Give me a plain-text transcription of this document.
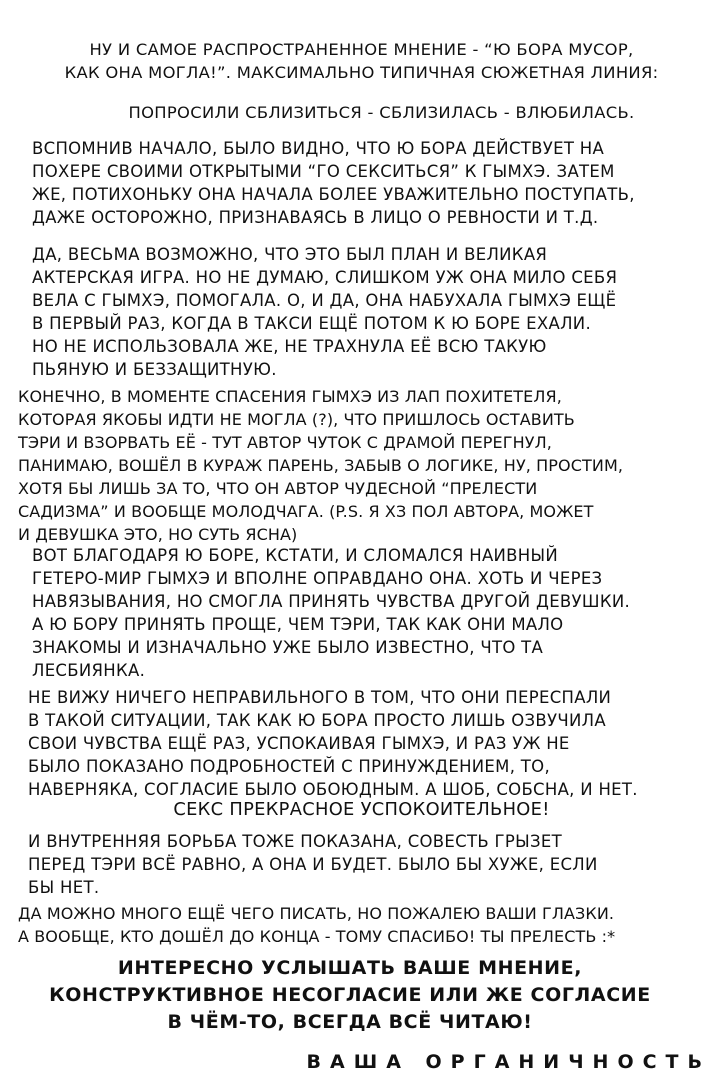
НУ И САМОЕ РАСПРОСТРАНЕННОЕ МНЕНИЕ - “Ю БОРА МУСОР,
КАК ОНА МОГЛА!”. МАКСИМАЛЬНО ТИПИЧНАЯ СЮЖЕТНАЯ ЛИНИЯ:
ПОПРОСИЛИ СБЛИЗИТЬСЯ - СБЛИЗИЛАСЬ - ВЛЮБИЛАСЬ.
ВСПОМНИВ НАЧАЛО, БЫЛО ВИДНО, ЧТО Ю БОРА ДЕЙСТВУЕТ НА
ПОХЕРЕ СВОИМИ ОТКРЫТЫМИ “ГО СЕКСИТЬСЯ” К ГЫМХЭ. ЗАТЕМ
ЖЕ, ПОТИХОНЬКУ ОНА НАЧАЛА БОЛЕЕ УВАЖИТЕЛЬНО ПОСТУПАТЬ,
ДАЖЕ ОСТОРОЖНО, ПРИЗНАВАЯСЬ В ЛИЦО О РЕВНОСТИ И Т.Д.
ДА, ВЕСЬМА ВОЗМОЖНО, ЧТО ЭТО БЫЛ ПЛАН И ВЕЛИКАЯ
АКТЕРСКАЯ ИГРА. НО НЕ ДУМАЮ, СЛИШКОМ УЖ ОНА МИЛО СЕБЯ
ВЕЛА С ГЫМХЭ, ПОМОГАЛА. О, И ДА, ОНА НАБУХАЛА ГЫМХЭ ЕЩЁ
В ПЕРВЫЙ РАЗ, КОГДА В ТАКСИ ЕЩЁ ПОТОМ К Ю БОРЕ ЕХАЛИ.
НО НЕ ИСПОЛЬЗОВАЛА ЖЕ, НЕ ТРАХНУЛА ЕЁ ВСЮ ТАКУЮ
ПЬЯНУЮ И БЕЗЗАЩИТНУЮ.
КОНЕЧНО, В МОМЕНТЕ СПАСЕНИЯ ГЫМХЭ ИЗ ЛАП ПОХИТЕТЕЛЯ,
КОТОРАЯ ЯКОБЫ ИДТИ НЕ МОГЛА (?), ЧТО ПРИШЛОСЬ ОСТАВИТЬ
ТЭРИ И ВЗОРВАТЬ ЕЁ - ТУТ АВТОР ЧУТОК С ДРАМОЙ ПЕРЕГНУЛ,
ПАНИМАЮ, ВОШЁЛ В КУРАЖ ПАРЕНЬ, ЗАБЫВ О ЛОГИКЕ, НУ, ПРОСТИМ,
ХОТЯ БЫ ЛИШЬ ЗА ТО, ЧТО ОН АВТОР ЧУДЕСНОЙ “ПРЕЛЕСТИ
САДИЗМА” И ВООБЩЕ МОЛОДЧАГА. (P.S. Я ХЗ ПОЛ АВТОРА, МОЖЕТ
И ДЕВУШКА ЭТО, НО СУТЬ ЯСНА)
ВОТ БЛАГОДАРЯ Ю БОРЕ, КСТАТИ, И СЛОМАЛСЯ НАИВНЫЙ
ГЕТЕРО-МИР ГЫМХЭ И ВПОЛНЕ ОПРАВДАНО ОНА. ХОТЬ И ЧЕРЕЗ
НАВЯЗЫВАНИЯ, НО СМОГЛА ПРИНЯТЬ ЧУВСТВА ДРУГОЙ ДЕВУШКИ.
А Ю БОРУ ПРИНЯТЬ ПРОЩЕ, ЧЕМ ТЭРИ, ТАК КАК ОНИ МАЛО
ЗНАКОМЫ И ИЗНАЧАЛЬНО УЖЕ БЫЛО ИЗВЕСТНО, ЧТО ТА
ЛЕСБИЯНКА.
НЕ ВИЖУ НИЧЕГО НЕПРАВИЛЬНОГО В ТОМ, ЧТО ОНИ ПЕРЕСПАЛИ
В ТАКОЙ СИТУАЦИИ, ТАК КАК Ю БОРА ПРОСТО ЛИШЬ ОЗВУЧИЛА
СВОИ ЧУВСТВА ЕЩЁ РАЗ, УСПОКАИВАЯ ГЫМХЭ, И РАЗ УЖ НЕ
БЫЛО ПОКАЗАНО ПОДРОБНОСТЕЙ С ПРИНУЖДЕНИЕМ, ТО,
НАВЕРНЯКА, СОГЛАСИЕ БЫЛО ОБОЮДНЫМ. А ШОБ, СОБСНА, И НЕТ.
СЕКС ПРЕКРАСНОЕ УСПОКОИТЕЛЬНОЕ!
И ВНУТРЕННЯЯ БОРЬБА ТОЖЕ ПОКАЗАНА, СОВЕСТЬ ГРЫЗЕТ
ПЕРЕД ТЭРИ ВСЁ РАВНО, А ОНА И БУДЕТ. БЫЛО БЫ ХУЖЕ, ЕСЛИ
БЫ НЕТ.
ДА МОЖНО МНОГО ЕЩЁ ЧЕГО ПИСАТЬ, НО ПОЖАЛЕЮ ВАШИ ГЛАЗКИ.
А ВООБЩЕ, КТО ДОШЁЛ ДО КОНЦА - ТОМУ СПАСИБО! ТЫ ПРЕЛЕСТЬ :*
ИНТЕРЕСНО УСЛЫШАТЬ ВАШЕ МНЕНИЕ,
КОНСТРУКТИВНОЕ НЕСОГЛАСИЕ ИЛИ ЖЕ СОГЛАСИЕ
В ЧЁМ-ТО, ВСЕГДА ВСЁ ЧИТАЮ!
ВАША ОРГАНИЧНОСТЬ
